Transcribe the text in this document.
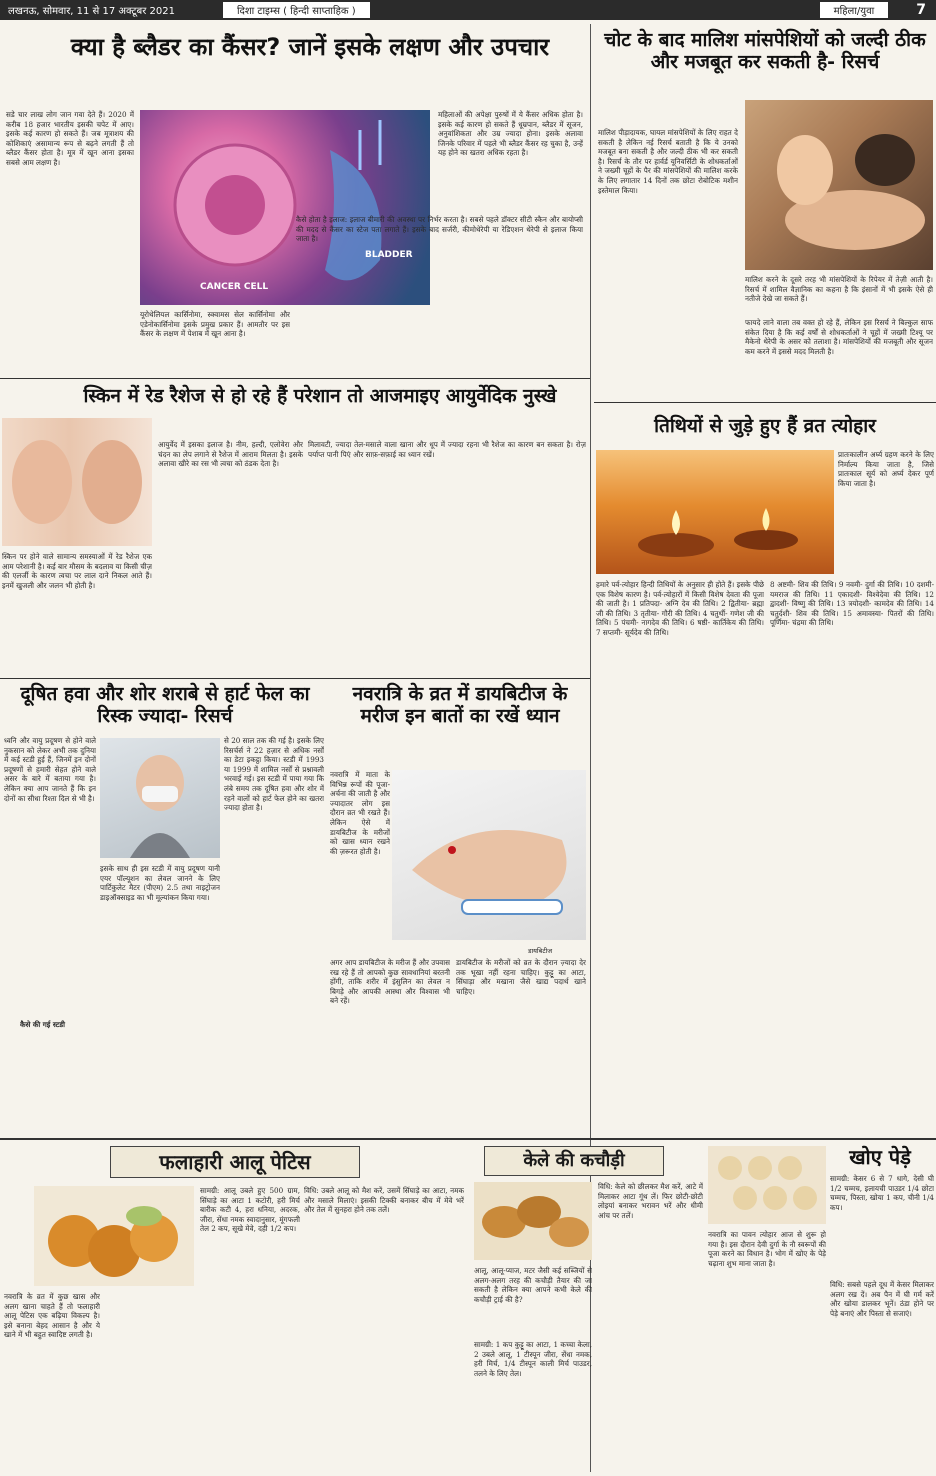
लखनऊ, सोमवार, 11 से 17 अक्टूबर 2021	दिशा टाइम्स ( हिन्दी साप्ताहिक )	महिला/युवा	7
क्या है ब्लैडर का कैंसर? जानें इसके लक्षण और उपचार
CANCER CELL
BLADDER
सडे चार लाख लोग जान गवा देते हैं। 2020 में करीब 18 हजार भारतीय इसकी चपेट में आए। इसके कई कारण हो सकते हैं। जब मूत्राशय की कोशिकाएं असामान्य रूप से बढ़ने लगती हैं तो ब्लैडर कैंसर होता है। मूत्र में खून आना इसका सबसे आम लक्षण है।
यूरोथेलियल कार्सिनोमा, स्क्वामस सेल कार्सिनोमा और एडेनोकार्सिनोमा इसके प्रमुख प्रकार हैं। आमतौर पर इस कैंसर के लक्षण में पेशाब में खून आना है।
महिलाओं की अपेक्षा पुरुषों में ये कैंसर अधिक होता है। इसके कई कारण हो सकते हैं धूम्रपान, ब्लैडर में सूजन, अनुवांशिकता और उम्र ज्यादा होना। इसके अलावा जिनके परिवार में पहले भी ब्लैडर कैंसर रह चुका है, उन्हें यह होने का खतरा अधिक रहता है।
कैसे होता है इलाज: इलाज बीमारी की अवस्था पर निर्भर करता है। सबसे पहले डॉक्टर सीटी स्कैन और बायोप्सी की मदद से कैंसर का स्टेज पता लगाते हैं। इसके बाद सर्जरी, कीमोथेरेपी या रेडिएशन थेरेपी से इलाज किया जाता है।
चोट के बाद मालिश मांसपेशियों को जल्दी ठीक और मजबूत कर सकती है- रिसर्च
मालिश पीड़ादायक, घायल मांसपेशियों के लिए राहत दे सकती है लेकिन नई रिसर्च बताती है कि ये उनको मजबूत बना सकती है और जल्दी ठीक भी कर सकती है। रिसर्च के तौर पर हार्वर्ड यूनिवर्सिटी के शोधकर्ताओं ने जख्मी चूहों के पैर की मांसपेशियों की मालिश करके के लिए लगातार 14 दिनों तक छोटा रोबोटिक मशीन इस्तेमाल किया।
मालिश करने के दूसरे तरह भी मांसपेशियों के रिपेयर में तेज़ी आती है। रिसर्च में शामिल वैज्ञानिक का कहना है कि इंसानों में भी इसके ऐसे ही नतीजे देखे जा सकते हैं।
फायदे लाने वाला तब वक्त हो रहे हैं, लेकिन इस रिसर्च ने बिल्कुल साफ संकेत दिया है कि कई वर्षों से शोधकर्ताओं ने चूहों में जख्मी टिश्यू पर मैकेनो थेरेपी के असर को तलाशा है। मांसपेशियों की मजबूती और सूजन कम करने में इससे मदद मिलती है।
स्किन में रेड रैशेज से हो रहे हैं परेशान तो आजमाइए आयुर्वेदिक नुस्खे
स्किन पर होने वाले सामान्य समस्याओं में रेड रैशेज एक आम परेशानी है। कई बार मौसम के बदलाव या किसी चीज़ की एलर्जी के कारण त्वचा पर लाल दाने निकल आते हैं। इनमें खुजली और जलन भी होती है।
आयुर्वेद में इसका इलाज है। नीम, हल्दी, एलोवेरा और चंदन का लेप लगाने से रैशेज में आराम मिलता है। इसके अलावा खीरे का रस भी त्वचा को ठंडक देता है।
मिलावटी, ज्यादा तेल-मसाले वाला खाना और धूप में ज्यादा रहना भी रैशेज का कारण बन सकता है। रोज़ पर्याप्त पानी पिएं और साफ़-सफ़ाई का ध्यान रखें।
दूषित हवा और शोर शराबे से हार्ट फेल का रिस्क ज्यादा- रिसर्च
ध्वनि और वायु प्रदूषण से होने वाले नुकसान को लेकर अभी तक दुनिया में कई स्टडी हुई हैं, जिनमें इन दोनों प्रदूषणों से हमारी सेहत होने वाले असर के बारे में बताया गया है। लेकिन क्या आप जानते हैं कि इन दोनों का सीधा रिश्ता दिल से भी है।
से 20 साल तक की गई है। इसके लिए रिसर्चर्स ने 22 हज़ार से अधिक नर्सों का डेटा इकट्ठा किया। स्टडी में 1993 या 1999 में शामिल नर्सों से प्रश्नावली भरवाई गई। इस स्टडी में पाया गया कि लंबे समय तक दूषित हवा और शोर में रहने वालों को हार्ट फेल होने का खतरा ज्यादा होता है।
इसके साथ ही इस स्टडी में वायु प्रदूषण यानी एयर पॉल्यूशन का लेवल जानने के लिए पार्टिकुलेट मैटर (पीएम) 2.5 तथा नाइट्रोजन डाइऑक्साइड का भी मूल्यांकन किया गया।
कैसे की गई स्टडी
नवरात्रि के व्रत में डायबिटीज के मरीज इन बातों का रखें ध्यान
नवरात्रि में माता के विभिन्न रूपों की पूजा-अर्चना की जाती है और ज्यादातर लोग इस दौरान व्रत भी रखते हैं। लेकिन ऐसे में डायबिटीज के मरीजों को खास ध्यान रखने की ज़रूरत होती है।
डायबिटीज
अगर आप डायबिटीज के मरीज हैं और उपवास रख रहे हैं तो आपको कुछ सावधानियां बरतनी होंगी, ताकि शरीर में इंसुलिन का लेवल न बिगड़े और आपकी आस्था और विश्वास भी बने रहें।
डायबिटीज के मरीजों को व्रत के दौरान ज़्यादा देर तक भूखा नहीं रहना चाहिए। कुट्टू का आटा, सिंघाड़ा और मखाना जैसे खाद्य पदार्थ खाने चाहिए।
तिथियों से जुड़े हुए हैं व्रत त्योहार
प्रातःकालीन अर्घ्य ग्रहण करने के लिए निर्माल्य किया जाता है, जिसे प्रातःकाल सूर्य को अर्घ्य देकर पूर्ण किया जाता है।
हमारे पर्व-त्योहार हिन्दी तिथियों के अनुसार ही होते हैं। इसके पीछे एक विशेष कारण है। पर्व-त्योहारों में किसी विशेष देवता की पूजा की जाती है। 1 प्रतिपदा- अग्नि देव की तिथि। 2 द्वितीया- ब्रह्मा जी की तिथि। 3 तृतीया- गौरी की तिथि। 4 चतुर्थी- गणेश जी की तिथि। 5 पंचमी- नागदेव की तिथि। 6 षष्ठी- कार्तिकेय की तिथि। 7 सप्तमी- सूर्यदेव की तिथि।
8 अष्टमी- शिव की तिथि। 9 नवमी- दुर्गा की तिथि। 10 दशमी- यमराज की तिथि। 11 एकादशी- विश्वेदेवा की तिथि। 12 द्वादशी- विष्णु की तिथि। 13 त्रयोदशी- कामदेव की तिथि। 14 चतुर्दशी- शिव की तिथि। 15 अमावस्या- पितरों की तिथि। पूर्णिमा- चंद्रमा की तिथि।
फलाहारी आलू पेटिस
नवरात्रि के व्रत में कुछ खास और अलग खाना चाहते हैं तो फलाहारी आलू पेटिस एक बढ़िया विकल्प है। इसे बनाना बेहद आसान है और ये खाने में भी बहुत स्वादिष्ट लगती है।
सामग्री: आलू उबले हुए 500 ग्राम, सिंघाड़े का आटा 1 कटोरी, हरी मिर्च बारीक कटी 4, हरा धनिया, अदरक, जीरा, सेंधा नमक स्वादानुसार, मूंगफली तेल 2 कप, सूखे मेवे, दही 1/2 कप।
विधि: उबले आलू को मैश करें, उसमें सिंघाड़े का आटा, नमक और मसाले मिलाएं। इसकी टिक्की बनाकर बीच में मेवे भरें और तेल में सुनहरा होने तक तलें।
केले की कचौड़ी
आलू, आलू-प्याज, मटर जैसी कई सब्जियों से अलग-अलग तरह की कचौड़ी तैयार की जा सकती है लेकिन क्या आपने कभी केले की कचौड़ी ट्राई की है?
सामग्री: 1 कप कुट्टू का आटा, 1 कच्चा केला, 2 उबले आलू, 1 टीस्पून जीरा, सेंधा नमक, हरी मिर्च, 1/4 टीस्पून काली मिर्च पाउडर, तलने के लिए तेल।
विधि: केले को छीलकर मैश करें, आटे में मिलाकर आटा गूंथ लें। फिर छोटी-छोटी लोइयां बनाकर भरावन भरें और धीमी आंच पर तलें।
खोए पेड़े
नवरात्रि का पावन त्योहार आज से शुरू हो गया है। इस दौरान देवी दुर्गा के नौ स्वरूपों की पूजा करने का विधान है। भोग में खोए के पेड़े चढ़ाना शुभ माना जाता है।
सामग्री: केसर 6 से 7 धागे, देसी घी 1/2 चम्मच, इलायची पाउडर 1/4 छोटा चम्मच, पिस्ता, खोया 1 कप, चीनी 1/4 कप।
विधि: सबसे पहले दूध में केसर मिलाकर अलग रख दें। अब पैन में घी गर्म करें और खोया डालकर भूनें। ठंडा होने पर पेड़े बनाएं और पिस्ता से सजाएं।
